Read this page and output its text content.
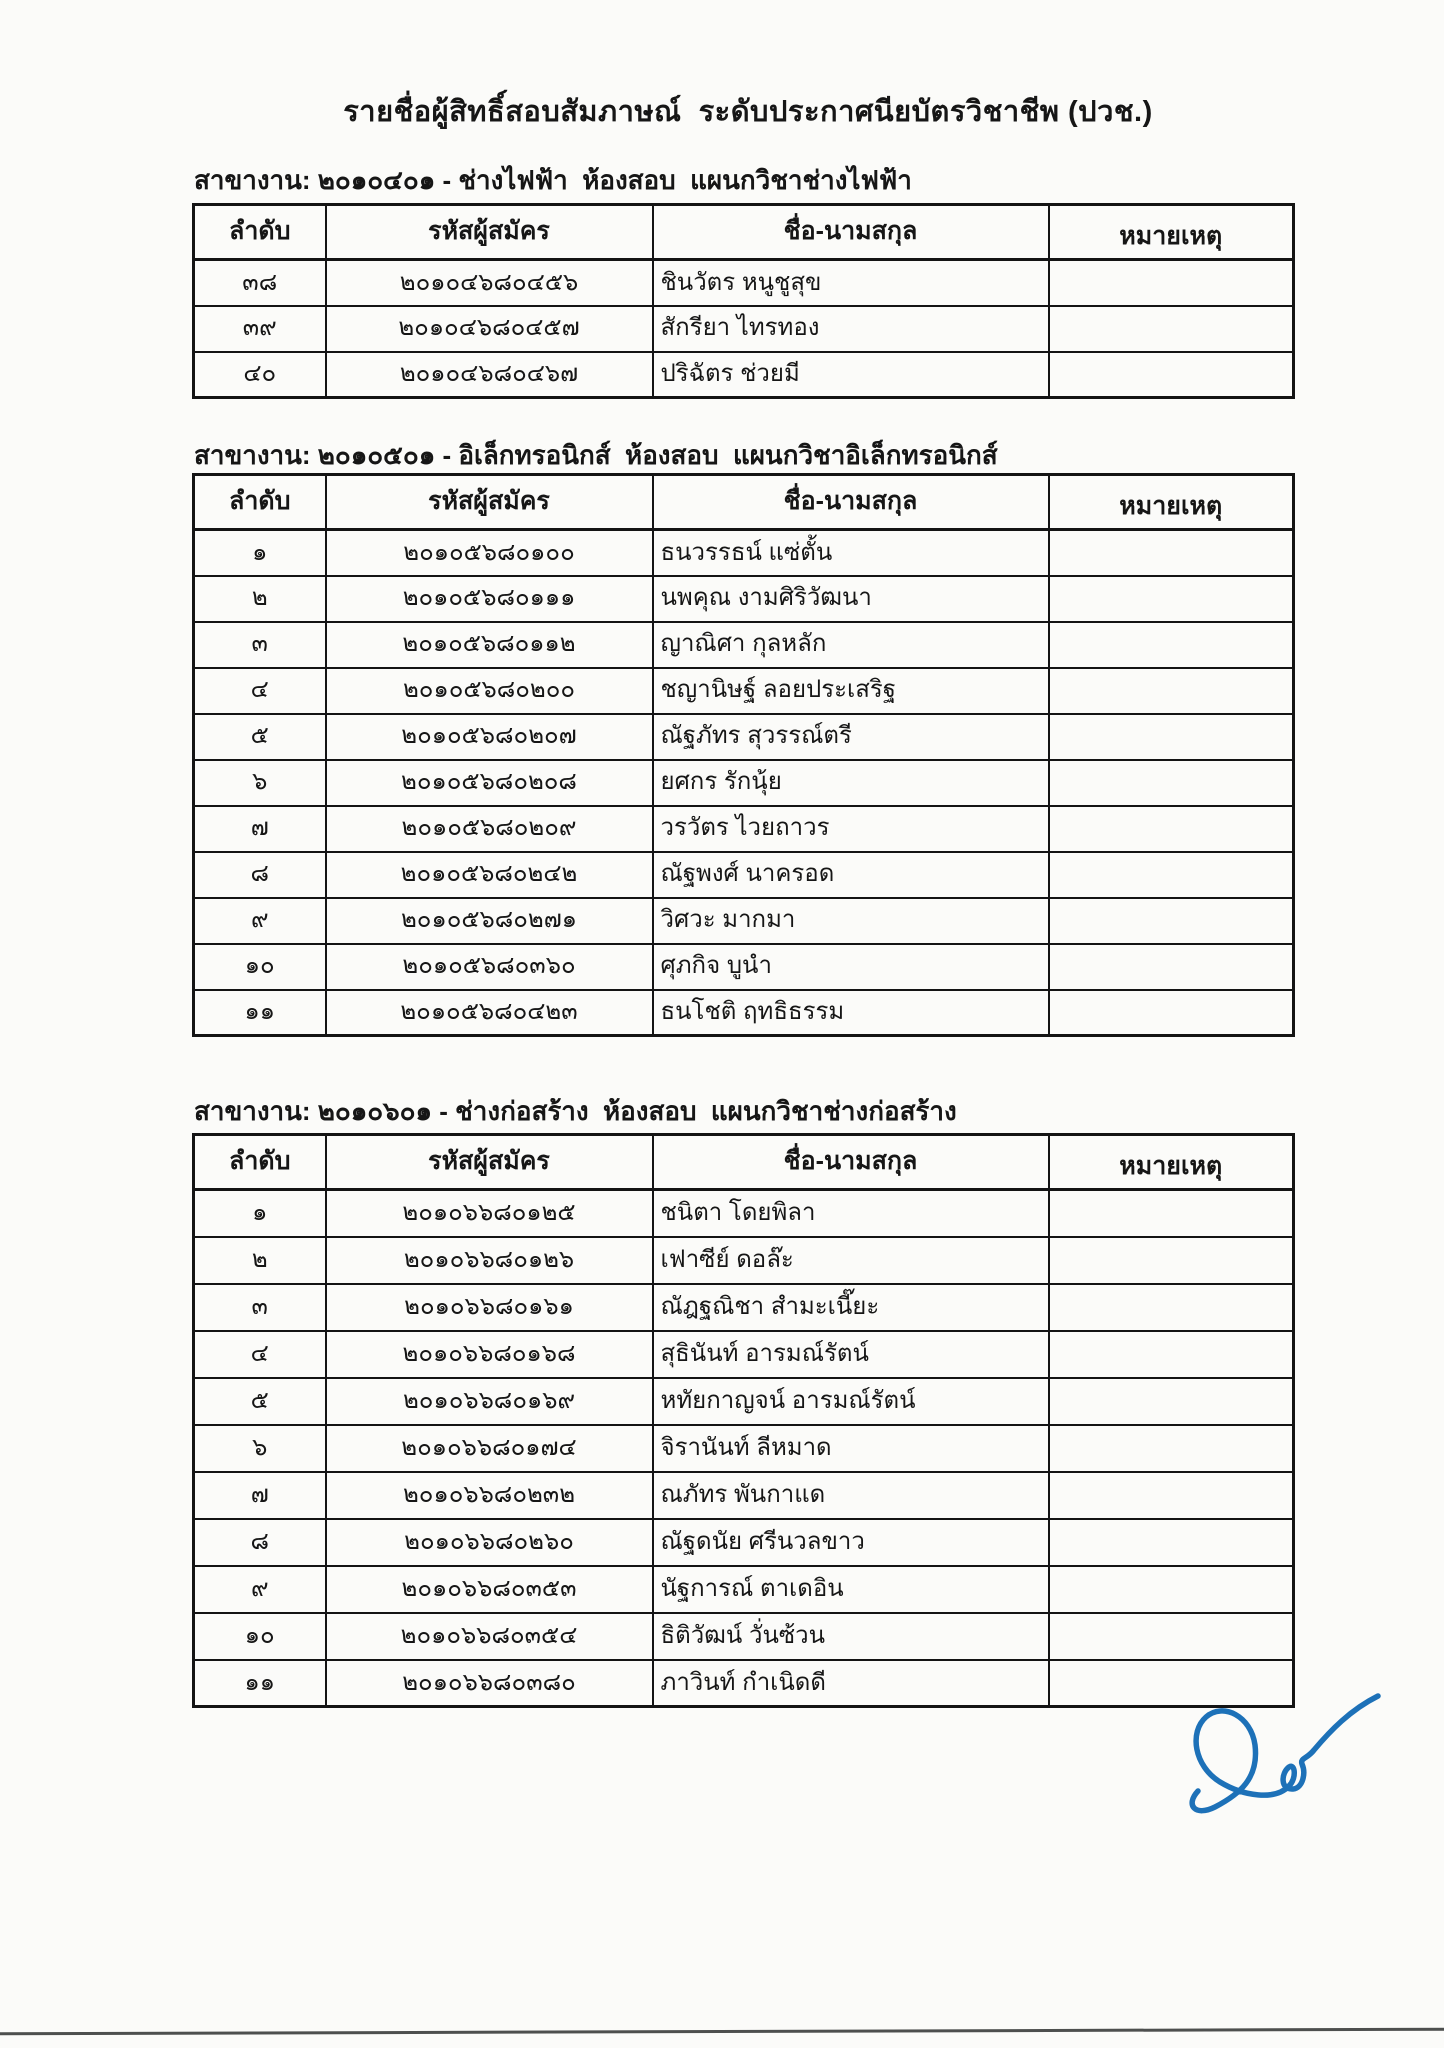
รายชื่อผู้สิทธิ์สอบสัมภาษณ์  ระดับประกาศนียบัตรวิชาชีพ (ปวช.)
สาขางาน: ๒๐๑๐๔๐๑ - ช่างไฟฟ้า  ห้องสอบ  แผนกวิชาช่างไฟฟ้า
ลำดับ	รหัสผู้สมัคร	ชื่อ-นามสกุล	หมายเหตุ
๓๘	๒๐๑๐๔๖๘๐๔๕๖	ชินวัตร หนูชูสุข	
๓๙	๒๐๑๐๔๖๘๐๔๕๗	สักรียา ไทรทอง	
๔๐	๒๐๑๐๔๖๘๐๔๖๗	ปริฉัตร ช่วยมี	
สาขางาน: ๒๐๑๐๕๐๑ - อิเล็กทรอนิกส์  ห้องสอบ  แผนกวิชาอิเล็กทรอนิกส์
ลำดับ	รหัสผู้สมัคร	ชื่อ-นามสกุล	หมายเหตุ
๑	๒๐๑๐๕๖๘๐๑๐๐	ธนวรรธน์ แซ่ตั้น	
๒	๒๐๑๐๕๖๘๐๑๑๑	นพคุณ งามศิริวัฒนา	
๓	๒๐๑๐๕๖๘๐๑๑๒	ญาณิศา กุลหลัก	
๔	๒๐๑๐๕๖๘๐๒๐๐	ชญานิษฐ์ ลอยประเสริฐ	
๕	๒๐๑๐๕๖๘๐๒๐๗	ณัฐภัทร สุวรรณ์ตรี	
๖	๒๐๑๐๕๖๘๐๒๐๘	ยศกร รักนุ้ย	
๗	๒๐๑๐๕๖๘๐๒๐๙	วรวัตร ไวยถาวร	
๘	๒๐๑๐๕๖๘๐๒๔๒	ณัฐพงศ์ นาครอด	
๙	๒๐๑๐๕๖๘๐๒๗๑	วิศวะ มากมา	
๑๐	๒๐๑๐๕๖๘๐๓๖๐	ศุภกิจ บูนำ	
๑๑	๒๐๑๐๕๖๘๐๔๒๓	ธนโชติ ฤทธิธรรม	
สาขางาน: ๒๐๑๐๖๐๑ - ช่างก่อสร้าง  ห้องสอบ  แผนกวิชาช่างก่อสร้าง
ลำดับ	รหัสผู้สมัคร	ชื่อ-นามสกุล	หมายเหตุ
๑	๒๐๑๐๖๖๘๐๑๒๕	ชนิตา โดยพิลา	
๒	๒๐๑๐๖๖๘๐๑๒๖	เฟาซีย์ ดอล๊ะ	
๓	๒๐๑๐๖๖๘๐๑๖๑	ณัฎฐณิชา สำมะเนี๊ยะ	
๔	๒๐๑๐๖๖๘๐๑๖๘	สุธินันท์ อารมณ์รัตน์	
๕	๒๐๑๐๖๖๘๐๑๖๙	หทัยกาญจน์ อารมณ์รัตน์	
๖	๒๐๑๐๖๖๘๐๑๗๔	จิรานันท์ ลีหมาด	
๗	๒๐๑๐๖๖๘๐๒๓๒	ณภัทร พันกาแด	
๘	๒๐๑๐๖๖๘๐๒๖๐	ณัฐดนัย ศรีนวลขาว	
๙	๒๐๑๐๖๖๘๐๓๕๓	นัฐการณ์ ตาเดอิน	
๑๐	๒๐๑๐๖๖๘๐๓๕๔	ธิติวัฒน์ วั่นซ้วน	
๑๑	๒๐๑๐๖๖๘๐๓๘๐	ภาวินท์ กำเนิดดี	
